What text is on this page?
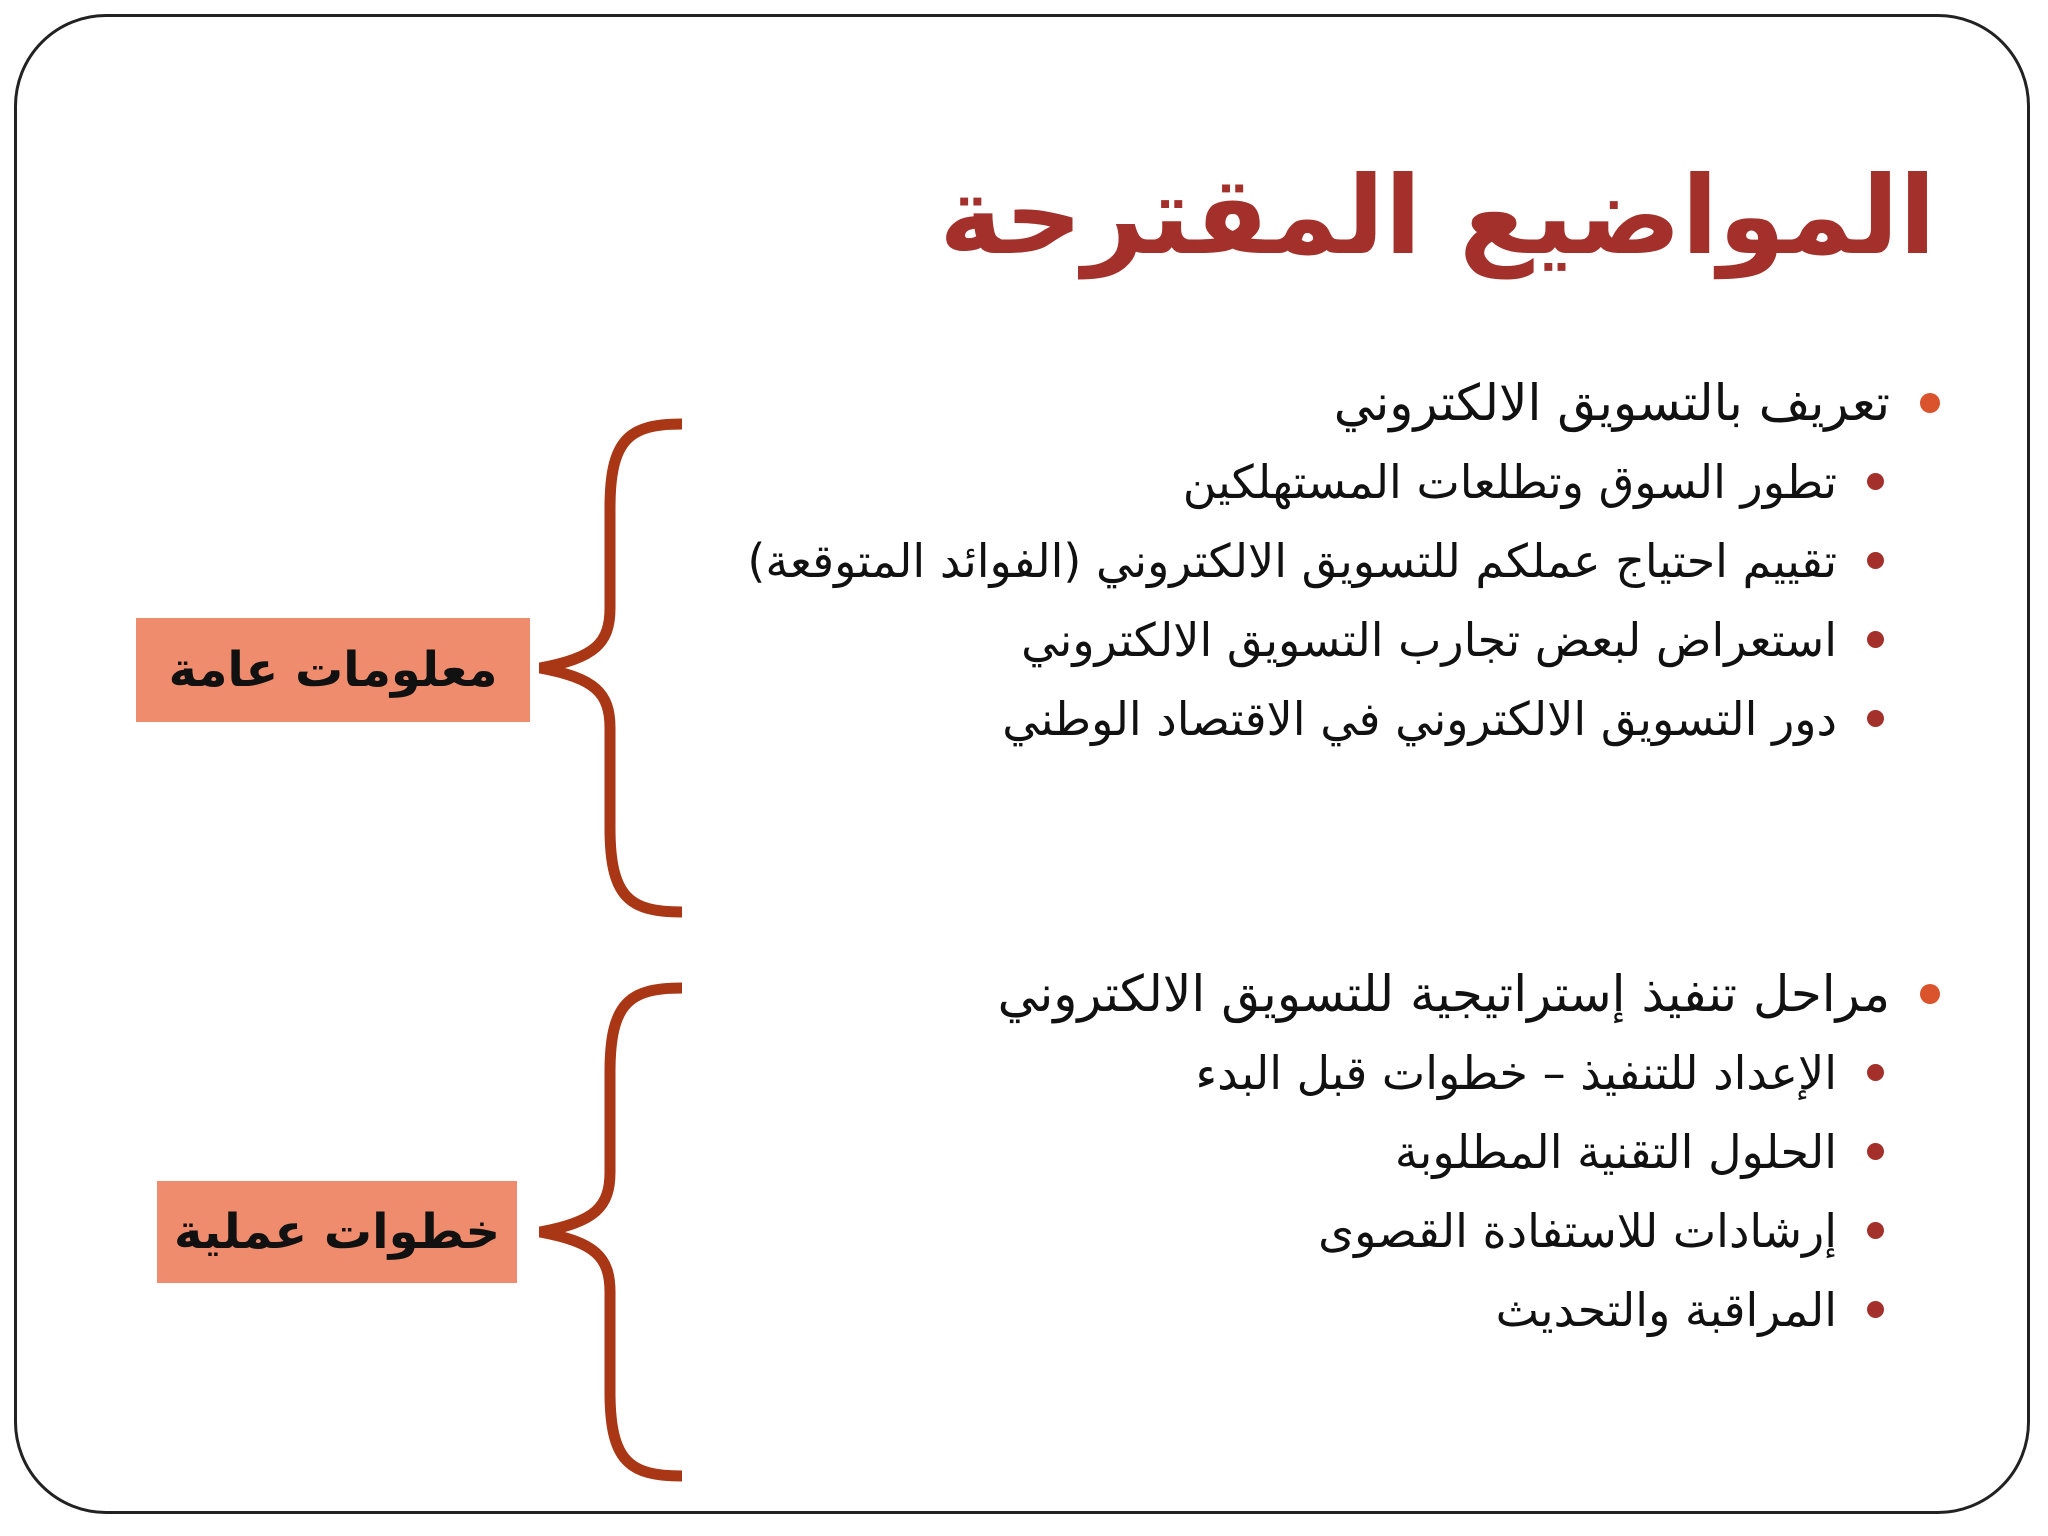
المواضيع المقترحة
تعريف بالتسويق الالكتروني
تطور السوق وتطلعات المستهلكين
تقييم احتياج عملكم للتسويق الالكتروني (الفوائد المتوقعة)
استعراض لبعض تجارب التسويق الالكتروني
دور التسويق الالكتروني في الاقتصاد الوطني
مراحل تنفيذ إستراتيجية للتسويق الالكتروني
الإعداد للتنفيذ – خطوات قبل البدء
الحلول التقنية المطلوبة
إرشادات للاستفادة القصوى
المراقبة والتحديث
معلومات عامة
خطوات عملية
